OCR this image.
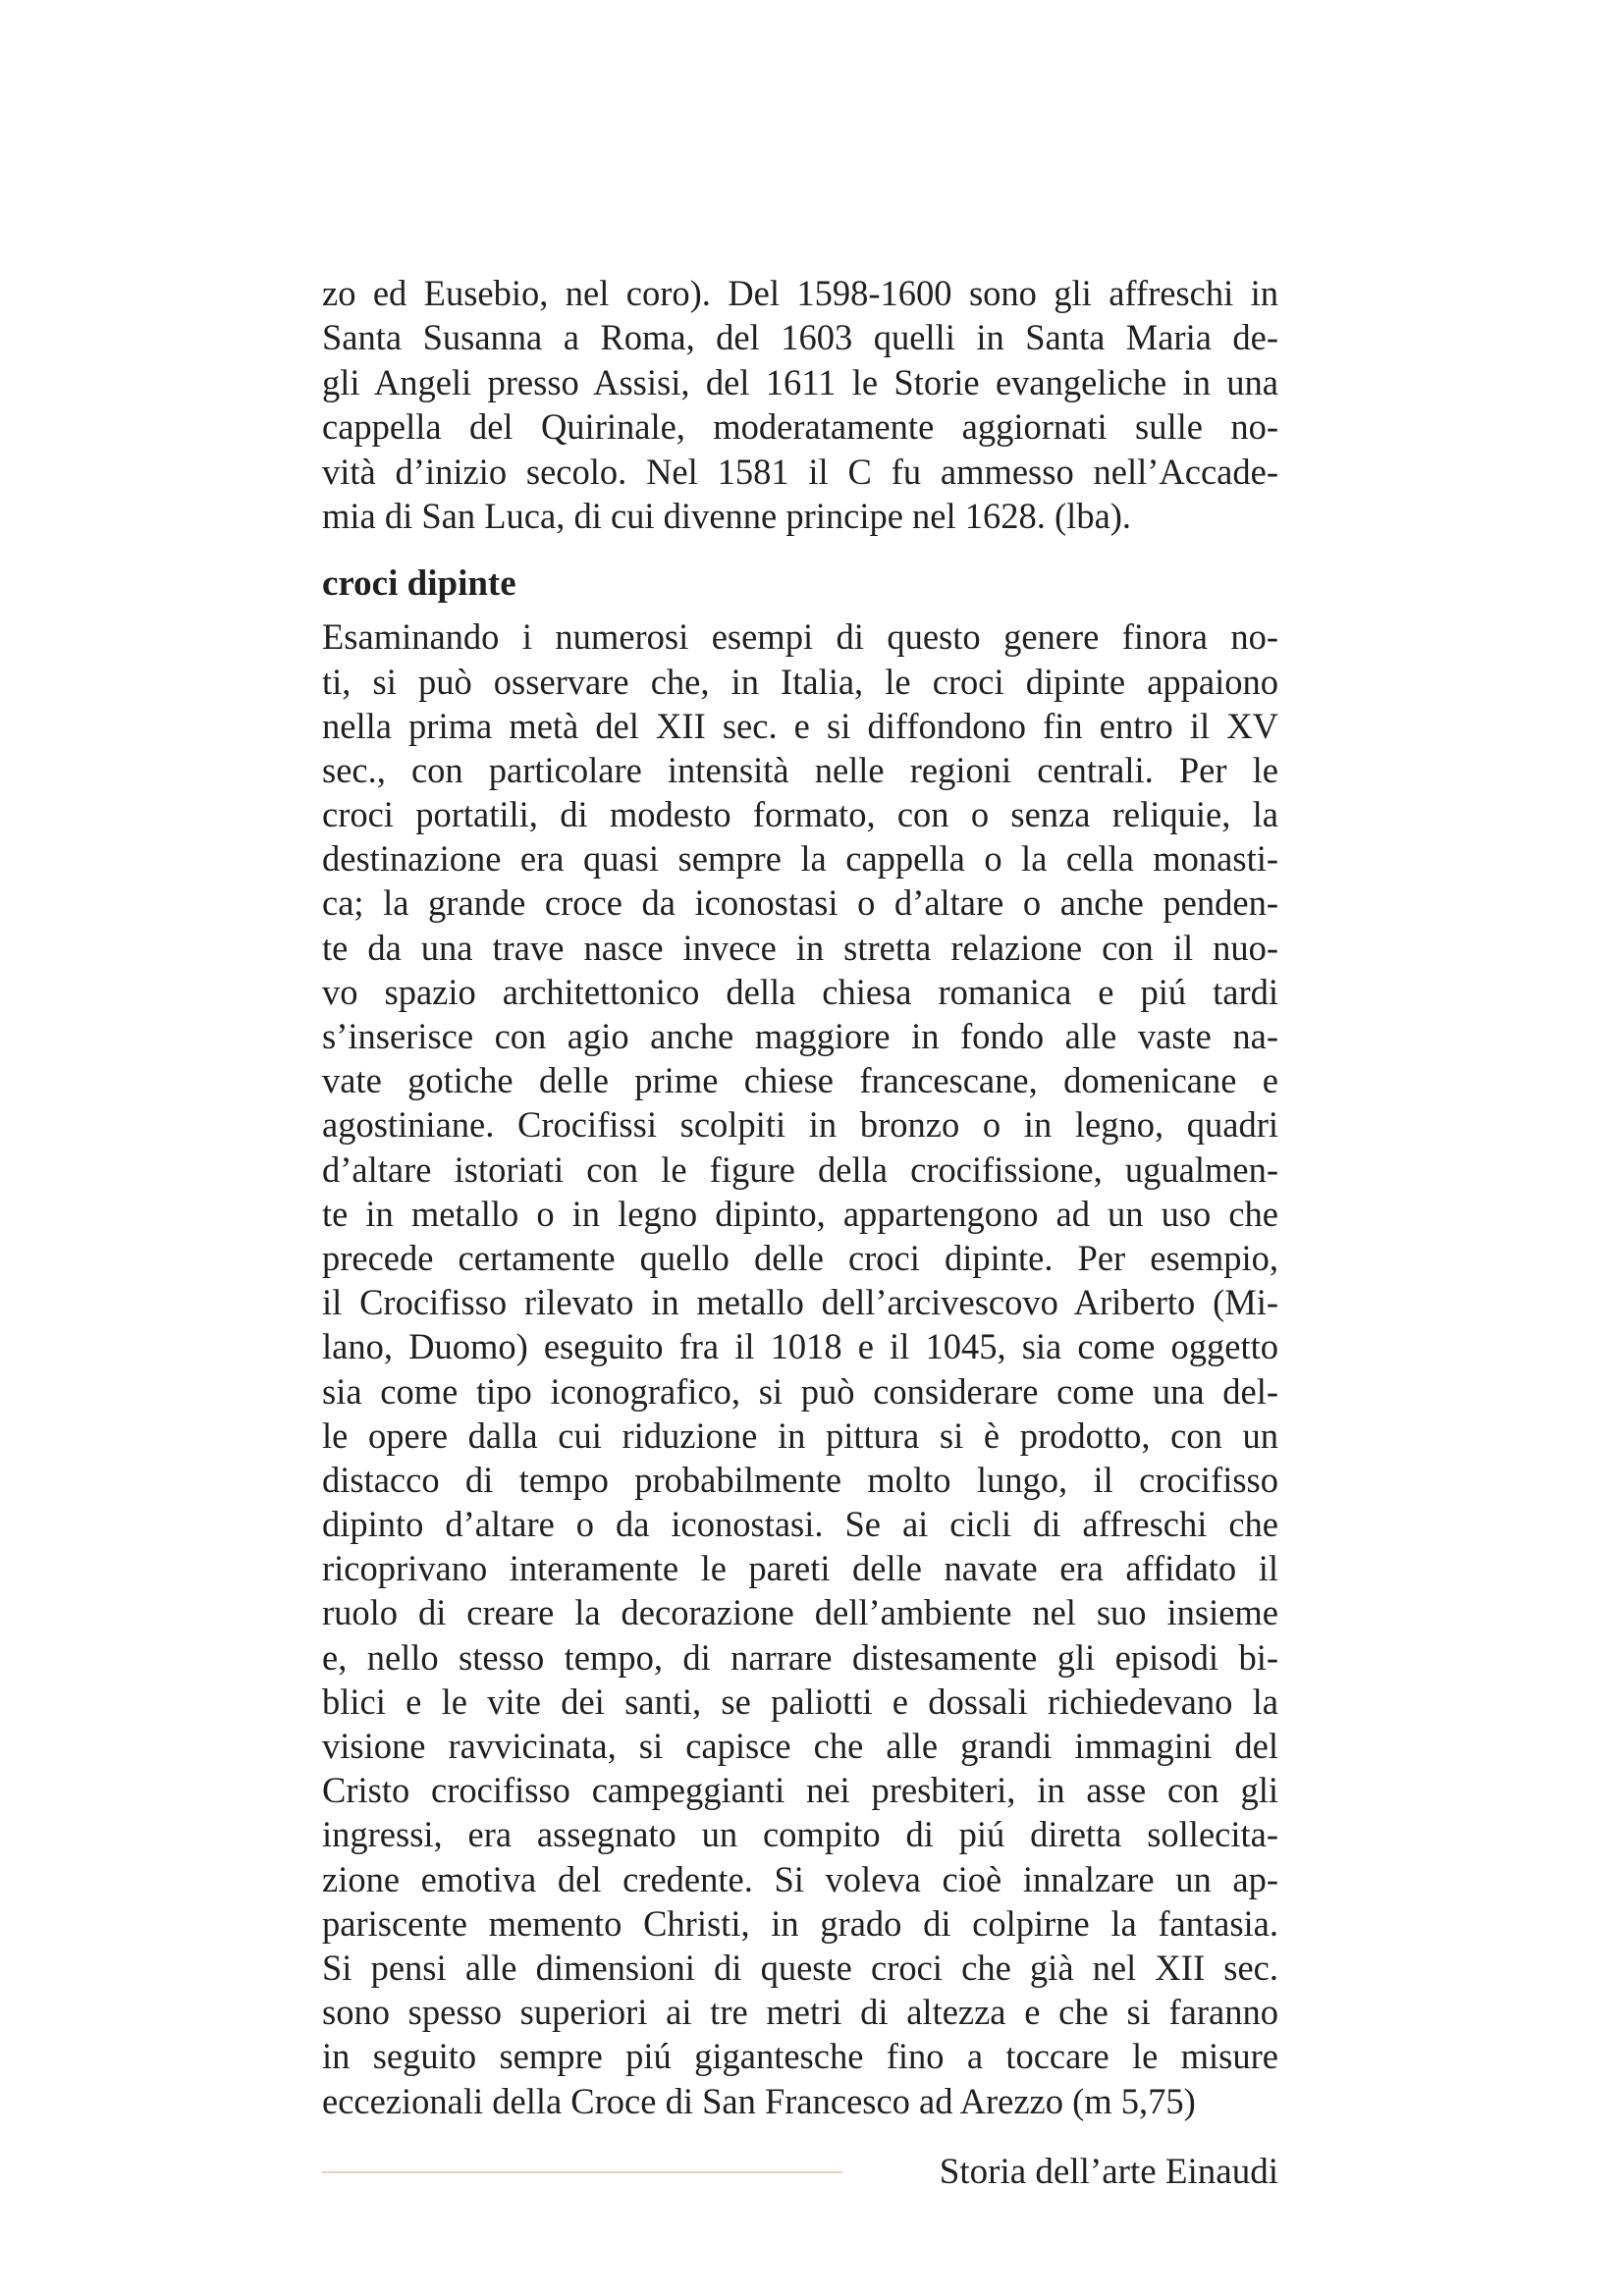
zo ed Eusebio, nel coro). Del 1598-1600 sono gli affreschi in
Santa Susanna a Roma, del 1603 quelli in Santa Maria de-
gli Angeli presso Assisi, del 1611 le Storie evangeliche in una
cappella del Quirinale, moderatamente aggiornati sulle no-
vità d’inizio secolo. Nel 1581 il C fu ammesso nell’Accade-
mia di San Luca, di cui divenne principe nel 1628. (lba).
croci dipinte
Esaminando i numerosi esempi di questo genere finora no-
ti, si può osservare che, in Italia, le croci dipinte appaiono
nella prima metà del XII sec. e si diffondono fin entro il XV
sec., con particolare intensità nelle regioni centrali. Per le
croci portatili, di modesto formato, con o senza reliquie, la
destinazione era quasi sempre la cappella o la cella monasti-
ca; la grande croce da iconostasi o d’altare o anche penden-
te da una trave nasce invece in stretta relazione con il nuo-
vo spazio architettonico della chiesa romanica e piú tardi
s’inserisce con agio anche maggiore in fondo alle vaste na-
vate gotiche delle prime chiese francescane, domenicane e
agostiniane. Crocifissi scolpiti in bronzo o in legno, quadri
d’altare istoriati con le figure della crocifissione, ugualmen-
te in metallo o in legno dipinto, appartengono ad un uso che
precede certamente quello delle croci dipinte. Per esempio,
il Crocifisso rilevato in metallo dell’arcivescovo Ariberto (Mi-
lano, Duomo) eseguito fra il 1018 e il 1045, sia come oggetto
sia come tipo iconografico, si può considerare come una del-
le opere dalla cui riduzione in pittura si è prodotto, con un
distacco di tempo probabilmente molto lungo, il crocifisso
dipinto d’altare o da iconostasi. Se ai cicli di affreschi che
ricoprivano interamente le pareti delle navate era affidato il
ruolo di creare la decorazione dell’ambiente nel suo insieme
e, nello stesso tempo, di narrare distesamente gli episodi bi-
blici e le vite dei santi, se paliotti e dossali richiedevano la
visione ravvicinata, si capisce che alle grandi immagini del
Cristo crocifisso campeggianti nei presbiteri, in asse con gli
ingressi, era assegnato un compito di piú diretta sollecita-
zione emotiva del credente. Si voleva cioè innalzare un ap-
pariscente memento Christi, in grado di colpirne la fantasia.
Si pensi alle dimensioni di queste croci che già nel XII sec.
sono spesso superiori ai tre metri di altezza e che si faranno
in seguito sempre piú gigantesche fino a toccare le misure
eccezionali della Croce di San Francesco ad Arezzo (m 5,75)
Storia dell’arte Einaudi
